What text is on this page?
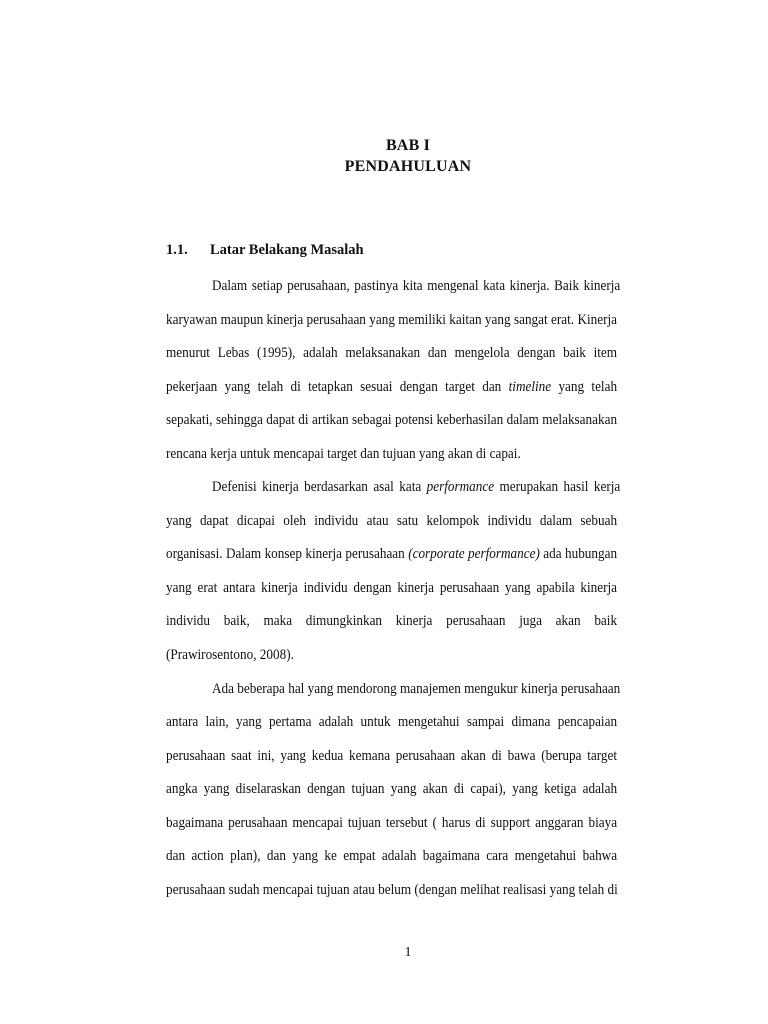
BAB I
PENDAHULUAN
1.1. Latar Belakang Masalah
Dalam setiap perusahaan, pastinya kita mengenal kata kinerja. Baik kinerja
karyawan maupun kinerja perusahaan yang memiliki kaitan yang sangat erat. Kinerja
menurut Lebas (1995), adalah melaksanakan dan mengelola dengan baik item
pekerjaan yang telah di tetapkan sesuai dengan target dan timeline yang telah
sepakati, sehingga dapat di artikan sebagai potensi keberhasilan dalam melaksanakan
rencana kerja untuk mencapai target dan tujuan yang akan di capai.
Defenisi kinerja berdasarkan asal kata performance merupakan hasil kerja
yang dapat dicapai oleh individu atau satu kelompok individu dalam sebuah
organisasi. Dalam konsep kinerja perusahaan (corporate performance) ada hubungan
yang erat antara kinerja individu dengan kinerja perusahaan yang apabila kinerja
individu baik, maka dimungkinkan kinerja perusahaan juga akan baik
(Prawirosentono, 2008).
Ada beberapa hal yang mendorong manajemen mengukur kinerja perusahaan
antara lain, yang pertama adalah untuk mengetahui sampai dimana pencapaian
perusahaan saat ini, yang kedua kemana perusahaan akan di bawa (berupa target
angka yang diselaraskan dengan tujuan yang akan di capai), yang ketiga adalah
bagaimana perusahaan mencapai tujuan tersebut ( harus di support anggaran biaya
dan action plan), dan yang ke empat adalah bagaimana cara mengetahui bahwa
perusahaan sudah mencapai tujuan atau belum (dengan melihat realisasi yang telah di
1
